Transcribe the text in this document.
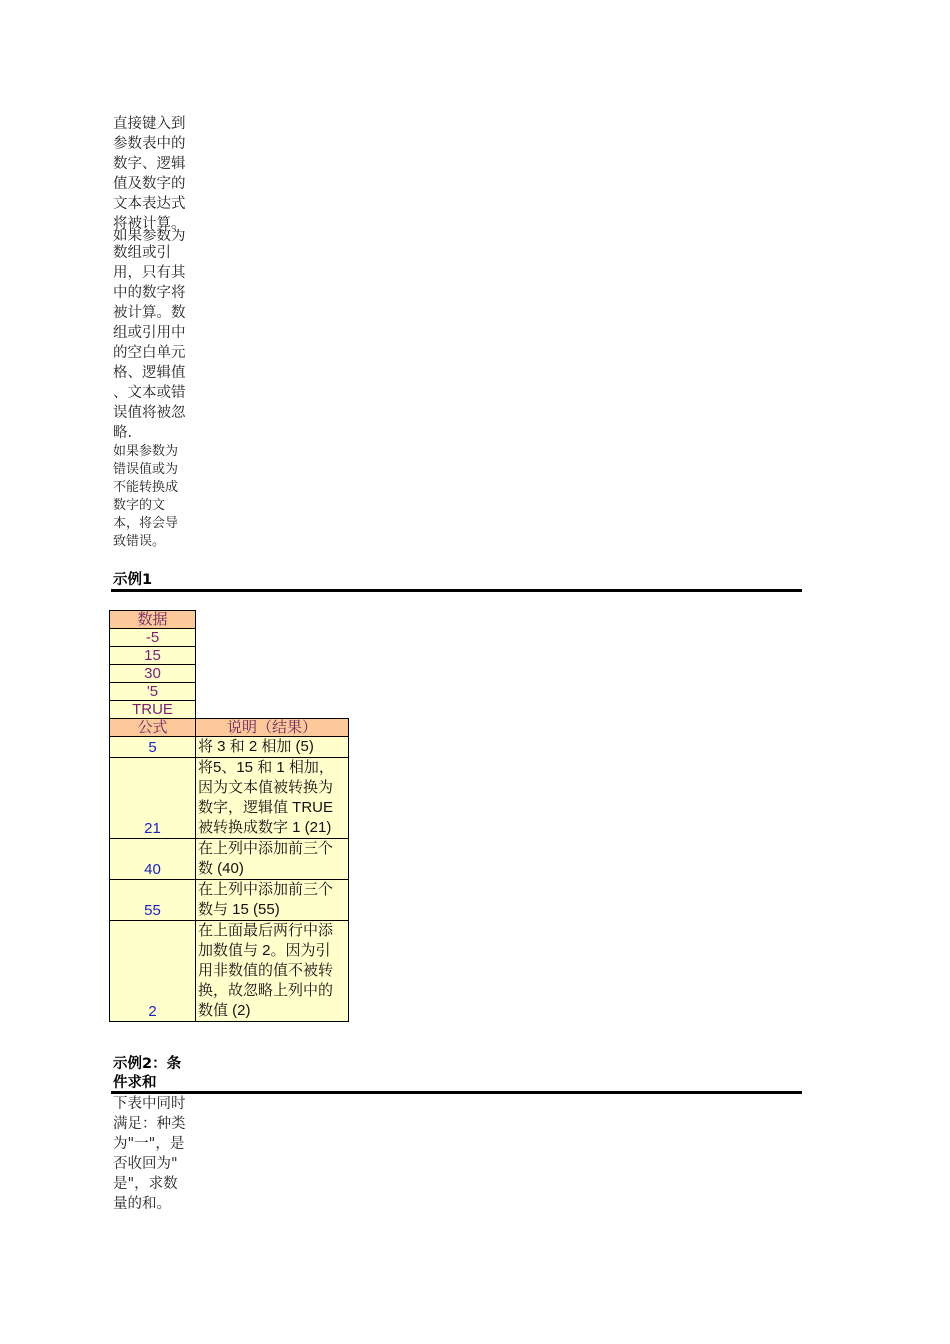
直接键入到
参数表中的
数字、逻辑
值及数字的
文本表达式
将被计算。
如果参数为
数组或引
用，只有其
中的数字将
被计算。数
组或引用中
的空白单元
格、逻辑值
、文本或错
误值将被忽
略.
如果参数为
错误值或为
不能转换成
数字的文
本，将会导
致错误。
示例1
数据	
-5	
15	
30	
'5	
TRUE	
公式	说明（结果）
5	将 3 和 2 相加 (5)

21	将5、15 和 1 相加，
因为文本值被转换为
数字，逻辑值 TRUE
被转换成数字 1 (21)

40	在上列中添加前三个
数 (40)

55	在上列中添加前三个
数与 15 (55)

2	在上面最后两行中添
加数值与 2。因为引
用非数值的值不被转
换，故忽略上列中的
数值 (2)
示例2：条
件求和
下表中同时
满足：种类
为"一"，是
否收回为"
是"，求数
量的和。
